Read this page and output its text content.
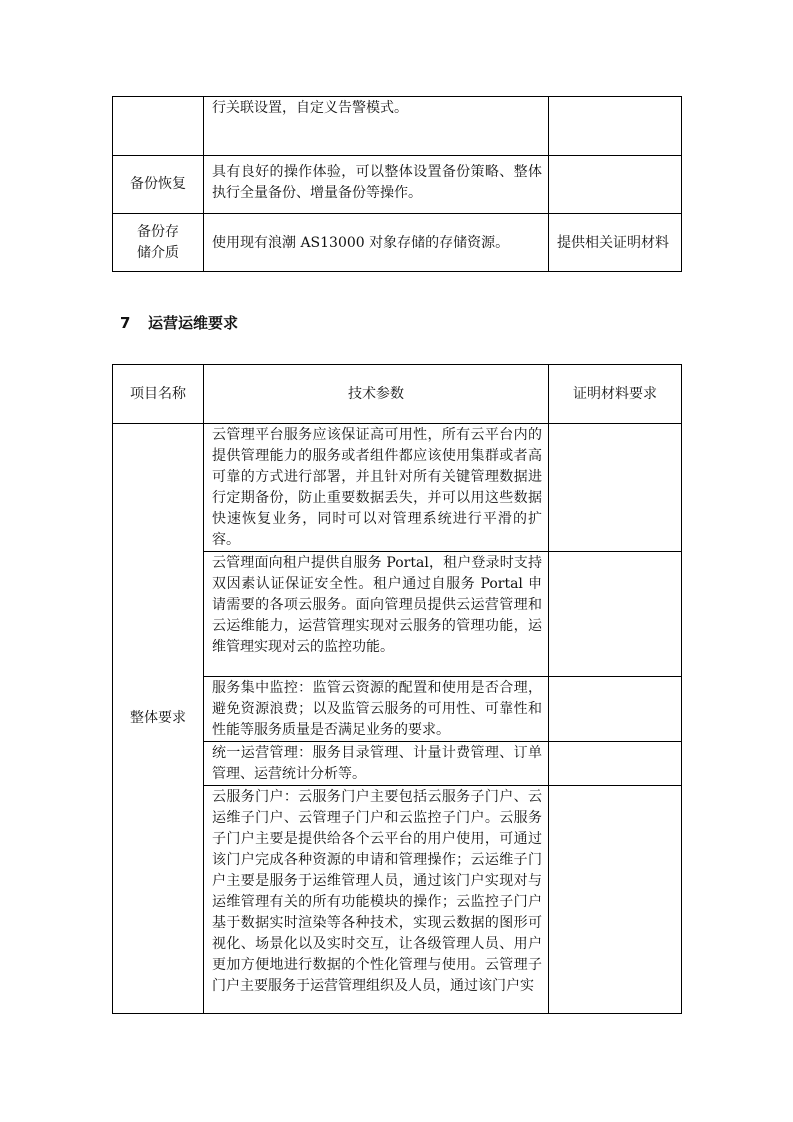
	行关联设置，自定义告警模式。	
备份恢复	具有良好的操作体验，可以整体设置备份策略、整体执行全量备份、增量备份等操作。	
备份存储介质	使用现有浪潮 AS13000 对象存储的存储资源。	提供相关证明材料
7 运营运维要求
项目名称	技术参数	证明材料要求
整体要求	云管理平台服务应该保证高可用性，所有云平台内的提供管理能力的服务或者组件都应该使用集群或者高可靠的方式进行部署，并且针对所有关键管理数据进行定期备份，防止重要数据丢失，并可以用这些数据快速恢复业务，同时可以对管理系统进行平滑的扩容。	
	云管理面向租户提供自服务 Portal，租户登录时支持双因素认证保证安全性。租户通过自服务 Portal 申请需要的各项云服务。面向管理员提供云运营管理和云运维能力，运营管理实现对云服务的管理功能，运维管理实现对云的监控功能。	
	服务集中监控：监管云资源的配置和使用是否合理，避免资源浪费；以及监管云服务的可用性、可靠性和性能等服务质量是否满足业务的要求。	
	统一运营管理：服务目录管理、计量计费管理、订单管理、运营统计分析等。	
	云服务门户：云服务门户主要包括云服务子门户、云运维子门户、云管理子门户和云监控子门户。云服务子门户主要是提供给各个云平台的用户使用，可通过该门户完成各种资源的申请和管理操作；云运维子门户主要是服务于运维管理人员，通过该门户实现对与运维管理有关的所有功能模块的操作；云监控子门户基于数据实时渲染等各种技术，实现云数据的图形可视化、场景化以及实时交互，让各级管理人员、用户更加方便地进行数据的个性化管理与使用。云管理子门户主要服务于运营管理组织及人员，通过该门户实	
